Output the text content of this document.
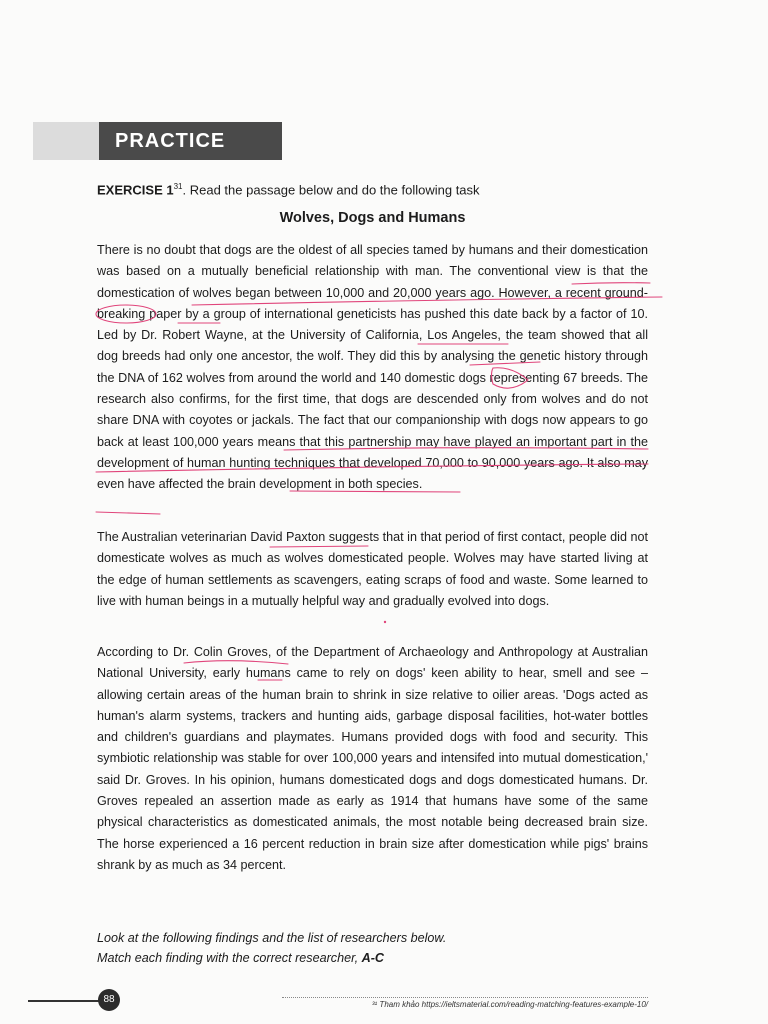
PRACTICE
EXERCISE $1^{31}$. Read the passage below and do the following task
Wolves, Dogs and Humans

There is no doubt that dogs are the oldest of all species tamed by humans and their domestication was based on a mutually beneficial relationship with man. The conventional view is that the domestication of wolves began between 10,000 and 20,000 years ago. However, a recent ground-breaking paper by a group of international geneticists has pushed this date back by a factor of 10. Led by Dr. Robert Wayne, at the University of California, Los Angeles, the team showed that all dog breeds had only one ancestor, the wolf. They did this by analysing the genetic history through the DNA of 162 wolves from around the world and 140 domestic dogs representing 67 breeds. The research also confirms, for the first time, that dogs are descended only from wolves and do not share DNA with coyotes or jackals. The fact that our companionship with dogs now appears to go back at least 100,000 years means that this partnership may have played an important part in the development of human hunting techniques that developed 70,000 to 90,000 years ago. It also may even have affected the brain development in both species.

The Australian veterinarian David Paxton suggests that in that period of first contact, people did not domesticate wolves as much as wolves domesticated people. Wolves may have started living at the edge of human settlements as scavengers, eating scraps of food and waste. Some learned to live with human beings in a mutually helpful way and gradually evolved into dogs.

According to Dr. Colin Groves, of the Department of Archaeology and Anthropology at Australian National University, early humans came to rely on dogs' keen ability to hear, smell and see – allowing certain areas of the human brain to shrink in size relative to oilier areas. 'Dogs acted as human's alarm systems, trackers and hunting aids, garbage disposal facilities, hot-water bottles and children's guardians and playmates. Humans provided dogs with food and security. This symbiotic relationship was stable for over 100,000 years and intensifed into mutual domestication,' said Dr. Groves. In his opinion, humans domesticated dogs and dogs domesticated humans. Dr. Groves repealed an assertion made as early as 1914 that humans have some of the same physical characteristics as domesticated animals, the most notable being decreased brain size. The horse experienced a 16 percent reduction in brain size after domestication while pigs' brains shrank by as much as 34 percent.

Look at the following findings and the list of researchers below.
Match each finding with the correct researcher, A-C
88	³¹ Tham khảo https://ieltsmaterial.com/reading-matching-features-example-10/
